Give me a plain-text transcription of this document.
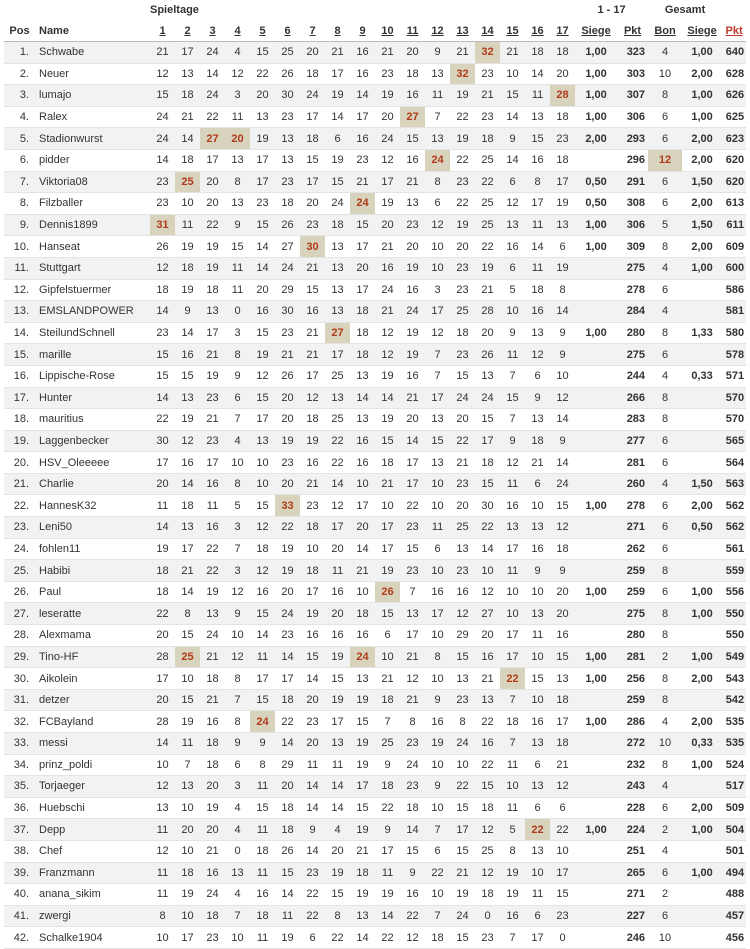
		Spieltage																	1 - 17		Gesamt		
Pos	Name	1	2	3	4	5	6	7	8	9	10	11	12	13	14	15	16	17	Siege	Pkt	Bon	Siege	Pkt
1.	Schwabe	21	17	24	4	15	25	20	21	16	21	20	9	21	32	21	18	18	1,00	323	4	1,00	640
2.	Neuer	12	13	14	12	22	26	18	17	16	23	18	13	32	23	10	14	20	1,00	303	10	2,00	628
3.	lumajo	15	18	24	3	20	30	24	19	14	19	16	11	19	21	15	11	28	1,00	307	8	1,00	626
4.	Ralex	24	21	22	11	13	23	17	14	17	20	27	7	22	23	14	13	18	1,00	306	6	1,00	625
5.	Stadionwurst	24	14	27	20	19	13	18	6	16	24	15	13	19	18	9	15	23	2,00	293	6	2,00	623
6.	pidder	14	18	17	13	17	13	15	19	23	12	16	24	22	25	14	16	18		296	12	2,00	620
7.	Viktoria08	23	25	20	8	17	23	17	15	21	17	21	8	23	22	6	8	17	0,50	291	6	1,50	620
8.	Filzballer	23	10	20	13	23	18	20	24	24	19	13	6	22	25	12	17	19	0,50	308	6	2,00	613
9.	Dennis1899	31	11	22	9	15	26	23	18	15	20	23	12	19	25	13	11	13	1,00	306	5	1,50	611
10.	Hanseat	26	19	19	15	14	27	30	13	17	21	20	10	20	22	16	14	6	1,00	309	8	2,00	609
11.	Stuttgart	12	18	19	11	14	24	21	13	20	16	19	10	23	19	6	11	19		275	4	1,00	600
12.	Gipfelstuermer	18	19	18	11	20	29	15	13	17	24	16	3	23	21	5	18	8		278	6		586
13.	EMSLANDPOWER	14	9	13	0	16	30	16	13	18	21	24	17	25	28	10	16	14		284	4		581
14.	SteilundSchnell	23	14	17	3	15	23	21	27	18	12	19	12	18	20	9	13	9	1,00	280	8	1,33	580
15.	marille	15	16	21	8	19	21	21	17	18	12	19	7	23	26	11	12	9		275	6		578
16.	Lippische-Rose	15	15	19	9	12	26	17	25	13	19	16	7	15	13	7	6	10		244	4	0,33	571
17.	Hunter	14	13	23	6	15	20	12	13	14	14	21	17	24	24	15	9	12		266	8		570
18.	mauritius	22	19	21	7	17	20	18	25	13	19	20	13	20	15	7	13	14		283	8		570
19.	Laggenbecker	30	12	23	4	13	19	19	22	16	15	14	15	22	17	9	18	9		277	6		565
20.	HSV_Oleeeee	17	16	17	10	10	23	16	22	16	18	17	13	21	18	12	21	14		281	6		564
21.	Charlie	20	14	16	8	10	20	21	14	10	21	17	10	23	15	11	6	24		260	4	1,50	563
22.	HannesK32	11	18	11	5	15	33	23	12	17	10	22	10	20	30	16	10	15	1,00	278	6	2,00	562
23.	Leni50	14	13	16	3	12	22	18	17	20	17	23	11	25	22	13	13	12		271	6	0,50	562
24.	fohlen11	19	17	22	7	18	19	10	20	14	17	15	6	13	14	17	16	18		262	6		561
25.	Habibi	18	21	22	3	12	19	18	11	21	19	23	10	23	10	11	9	9		259	8		559
26.	Paul	18	14	19	12	16	20	17	16	10	26	7	16	16	12	10	10	20	1,00	259	6	1,00	556
27.	leseratte	22	8	13	9	15	24	19	20	18	15	13	17	12	27	10	13	20		275	8	1,00	550
28.	Alexmama	20	15	24	10	14	23	16	16	16	6	17	10	29	20	17	11	16		280	8		550
29.	Tino-HF	28	25	21	12	11	14	15	19	24	10	21	8	15	16	17	10	15	1,00	281	2	1,00	549
30.	Aikolein	17	10	18	8	17	17	14	15	13	21	12	10	13	21	22	15	13	1,00	256	8	2,00	543
31.	detzer	20	15	21	7	15	18	20	19	19	18	21	9	23	13	7	10	18		259	8		542
32.	FCBayland	28	19	16	8	24	22	23	17	15	7	8	16	8	22	18	16	17	1,00	286	4	2,00	535
33.	messi	14	11	18	9	9	14	20	13	19	25	23	19	24	16	7	13	18		272	10	0,33	535
34.	prinz_poldi	10	7	18	6	8	29	11	11	19	9	24	10	10	22	11	6	21		232	8	1,00	524
35.	Torjaeger	12	13	20	3	11	20	14	14	17	18	23	9	22	15	10	13	12		243	4		517
36.	Huebschi	13	10	19	4	15	18	14	14	15	22	18	10	15	18	11	6	6		228	6	2,00	509
37.	Depp	11	20	20	4	11	18	9	4	19	9	14	7	17	12	5	22	22	1,00	224	2	1,00	504
38.	Chef	12	10	21	0	18	26	14	20	21	17	15	6	15	25	8	13	10		251	4		501
39.	Franzmann	11	18	16	13	11	15	23	19	18	11	9	22	21	12	19	10	17		265	6	1,00	494
40.	anana_sikim	11	19	24	4	16	14	22	15	19	19	16	10	19	18	19	11	15		271	2		488
41.	zwergi	8	10	18	7	18	11	22	8	13	14	22	7	24	0	16	6	23		227	6		457
42.	Schalke1904	10	17	23	10	11	19	6	22	14	22	12	18	15	23	7	17	0		246	10		456
